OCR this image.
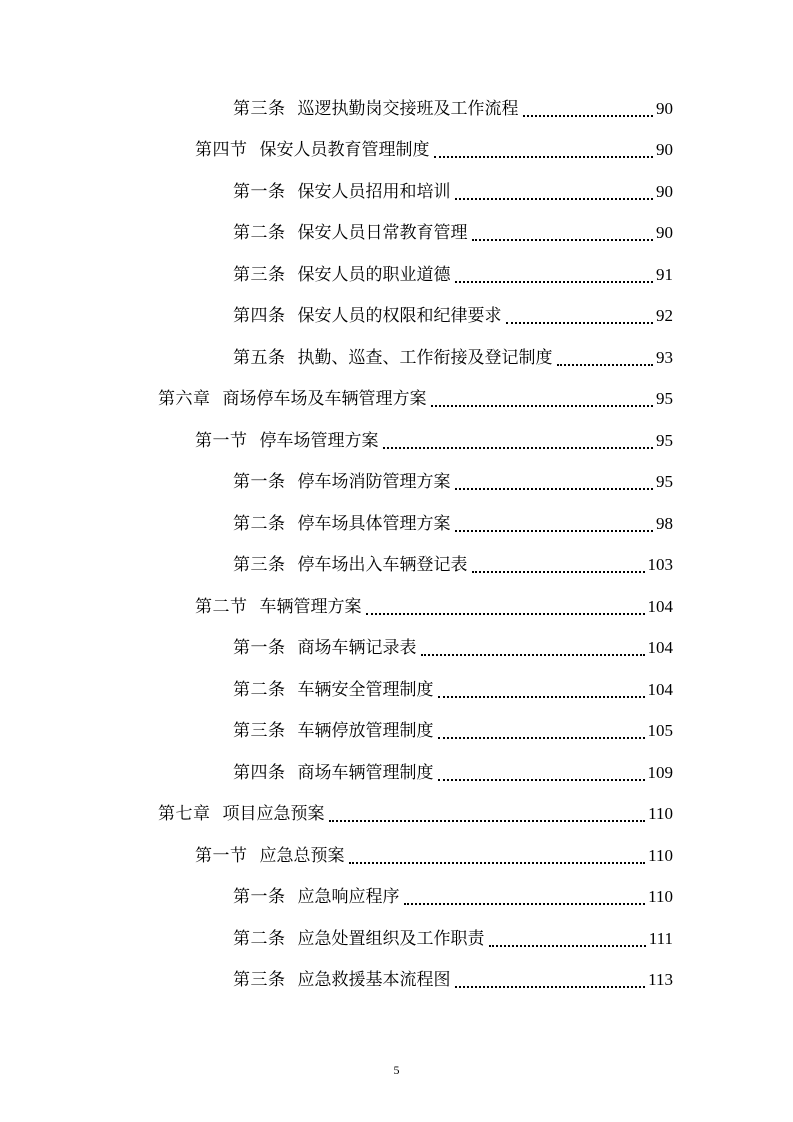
第三条 巡逻执勤岗交接班及工作流程	90
第四节 保安人员教育管理制度	90
第一条 保安人员招用和培训	90
第二条 保安人员日常教育管理	90
第三条 保安人员的职业道德	91
第四条 保安人员的权限和纪律要求	92
第五条 执勤、巡查、工作衔接及登记制度	93
第六章 商场停车场及车辆管理方案	95
第一节 停车场管理方案	95
第一条 停车场消防管理方案	95
第二条 停车场具体管理方案	98
第三条 停车场出入车辆登记表	103
第二节 车辆管理方案	104
第一条 商场车辆记录表	104
第二条 车辆安全管理制度	104
第三条 车辆停放管理制度	105
第四条 商场车辆管理制度	109
第七章 项目应急预案	110
第一节 应急总预案	110
第一条 应急响应程序	110
第二条 应急处置组织及工作职责	111
第三条 应急救援基本流程图	113
5
